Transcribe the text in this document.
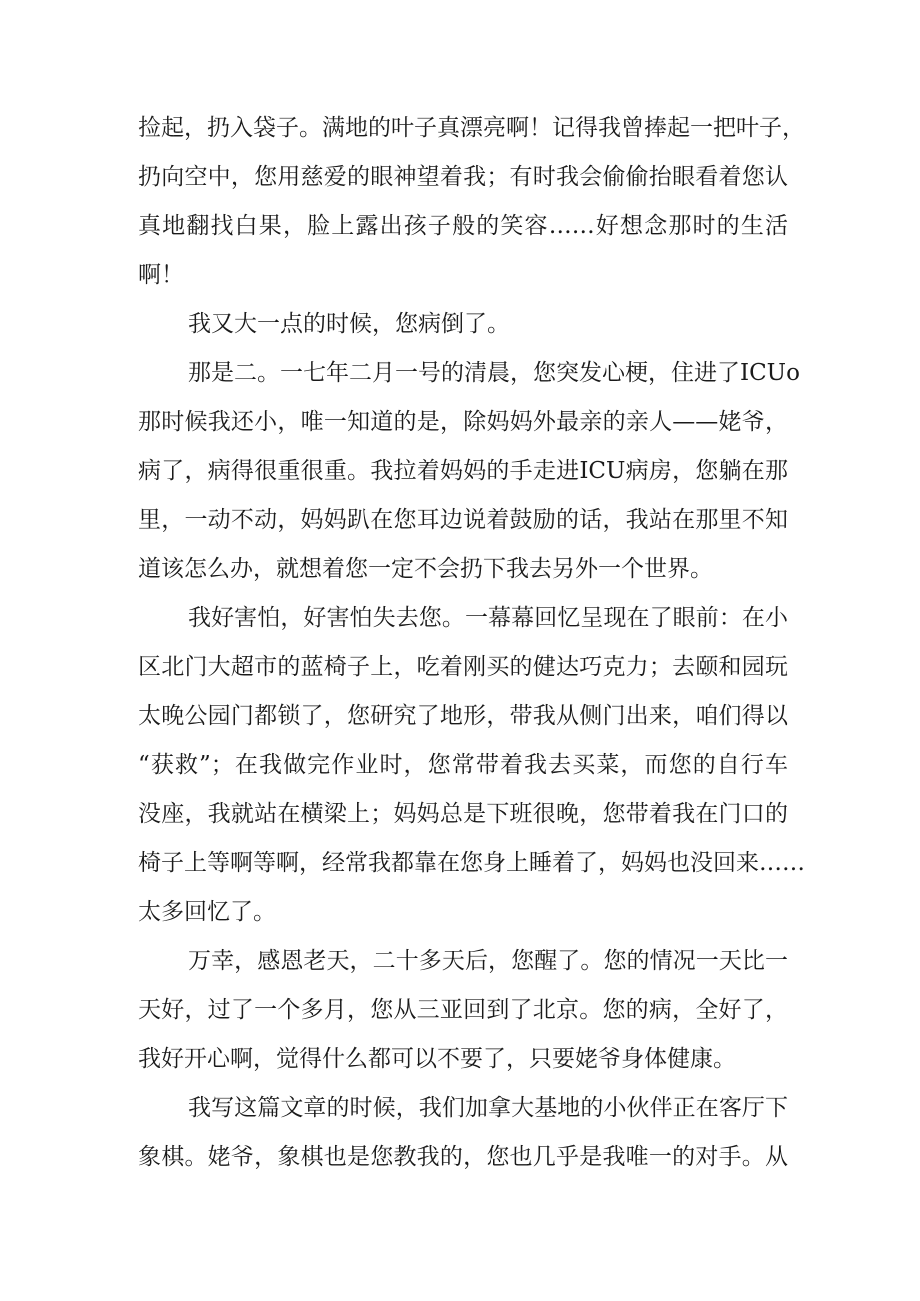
捡起，扔入袋子。满地的叶子真漂亮啊！记得我曾捧起一把叶子，

扔向空中，您用慈爱的眼神望着我；有时我会偷偷抬眼看着您认

真地翻找白果，脸上露出孩子般的笑容……好想念那时的生活

啊！

我又大一点的时候，您病倒了。

那是二。一七年二月一号的清晨，您突发心梗，住进了ICUo

那时候我还小，唯一知道的是，除妈妈外最亲的亲人——姥爷，

病了，病得很重很重。我拉着妈妈的手走进ICU病房，您躺在那

里，一动不动，妈妈趴在您耳边说着鼓励的话，我站在那里不知

道该怎么办，就想着您一定不会扔下我去另外一个世界。

我好害怕，好害怕失去您。一幕幕回忆呈现在了眼前：在小

区北门大超市的蓝椅子上，吃着刚买的健达巧克力；去颐和园玩

太晚公园门都锁了，您研究了地形，带我从侧门出来，咱们得以

“获救”；在我做完作业时，您常带着我去买菜，而您的自行车

没座，我就站在横梁上；妈妈总是下班很晚，您带着我在门口的

椅子上等啊等啊，经常我都靠在您身上睡着了，妈妈也没回来……

太多回忆了。

万幸，感恩老天，二十多天后，您醒了。您的情况一天比一

天好，过了一个多月，您从三亚回到了北京。您的病，全好了，

我好开心啊，觉得什么都可以不要了，只要姥爷身体健康。

我写这篇文章的时候，我们加拿大基地的小伙伴正在客厅下

象棋。姥爷，象棋也是您教我的，您也几乎是我唯一的对手。从
